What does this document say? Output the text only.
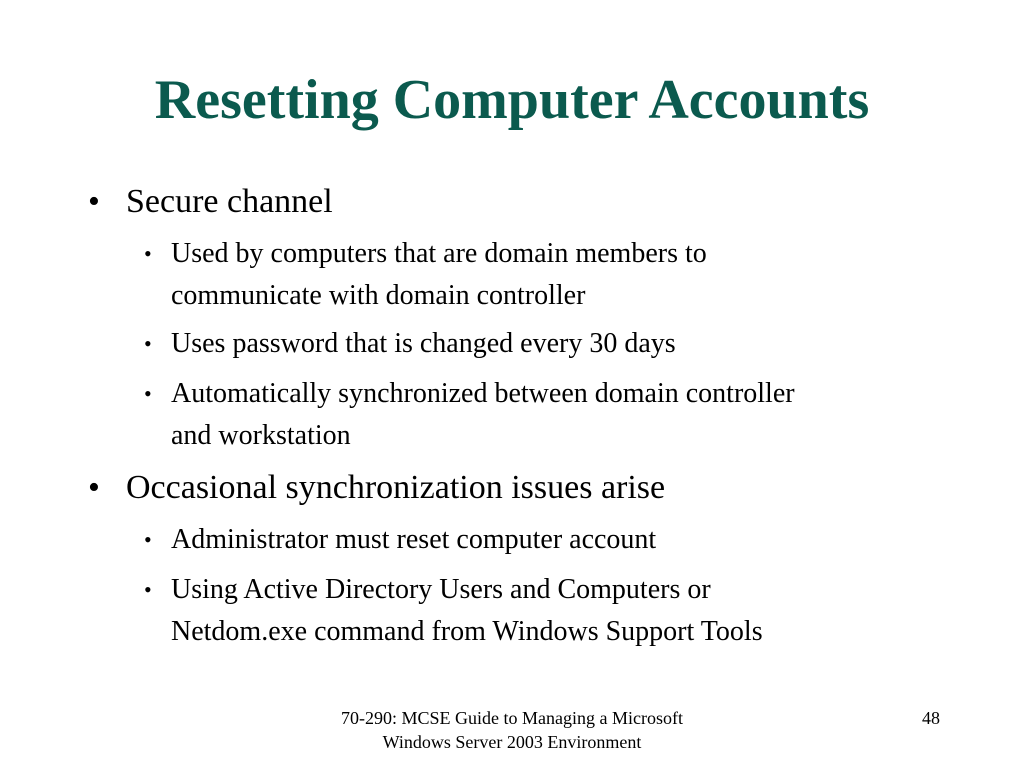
Resetting Computer Accounts
• Secure channel
• Used by computers that are domain members to
communicate with domain controller
• Uses password that is changed every 30 days
• Automatically synchronized between domain controller
and workstation
• Occasional synchronization issues arise
• Administrator must reset computer account
• Using Active Directory Users and Computers or
Netdom.exe command from Windows Support Tools
70-290: MCSE Guide to Managing a Microsoft
Windows Server 2003 Environment
48
